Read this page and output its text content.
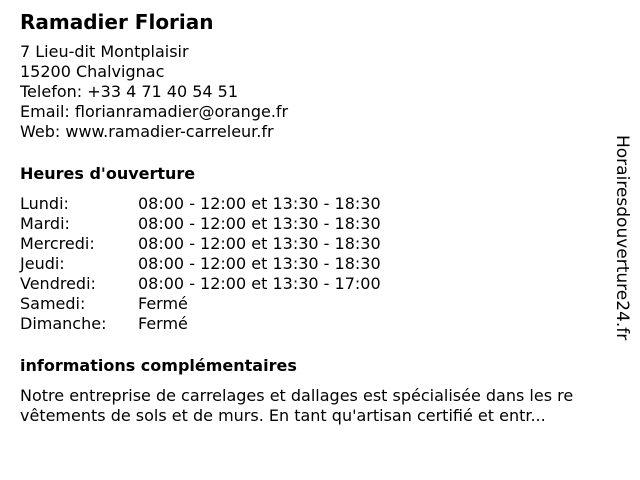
Ramadier Florian
7 Lieu-dit Montplaisir
15200 Chalvignac
Telefon: +33 4 71 40 54 51
Email: florianramadier@orange.fr
Web: www.ramadier-carreleur.fr
Heures d'ouverture
Lundi:	08:00 - 12:00 et 13:30 - 18:30
Mardi:	08:00 - 12:00 et 13:30 - 18:30
Mercredi:	08:00 - 12:00 et 13:30 - 18:30
Jeudi:	08:00 - 12:00 et 13:30 - 18:30
Vendredi:	08:00 - 12:00 et 13:30 - 17:00
Samedi:	Fermé
Dimanche:	Fermé
informations complémentaires
Notre entreprise de carrelages et dallages est spécialisée dans les re
vêtements de sols et de murs. En tant qu'artisan certifié et entr...
Horairesdouverture24.fr
